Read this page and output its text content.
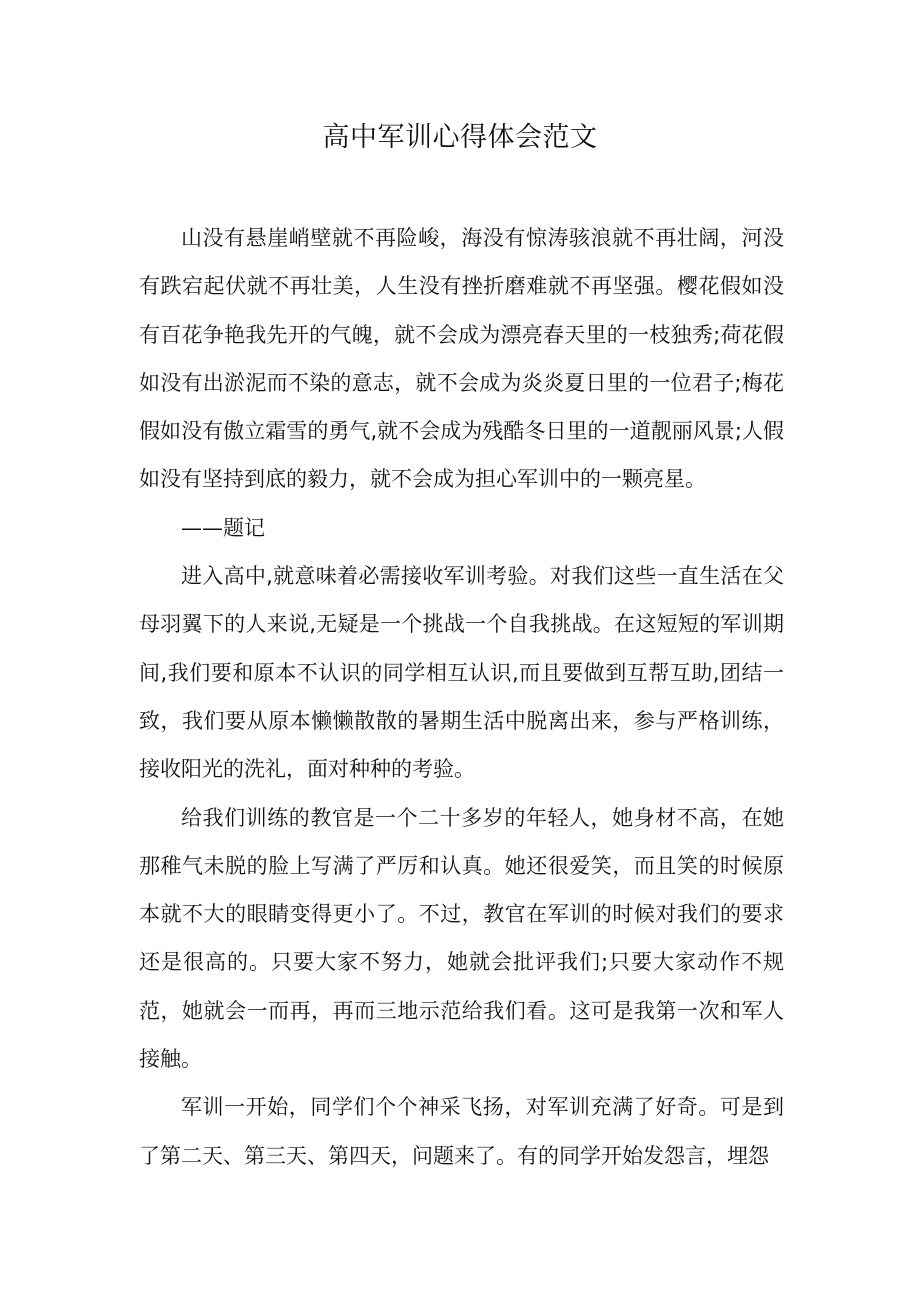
高中军训心得体会范文

山没有悬崖峭壁就不再险峻，海没有惊涛骇浪就不再壮阔，河没有跌宕起伏就不再壮美，人生没有挫折磨难就不再坚强。樱花假如没有百花争艳我先开的气魄，就不会成为漂亮春天里的一枝独秀;荷花假如没有出淤泥而不染的意志，就不会成为炎炎夏日里的一位君子;梅花假如没有傲立霜雪的勇气,就不会成为残酷冬日里的一道靓丽风景;人假如没有坚持到底的毅力，就不会成为担心军训中的一颗亮星。

——题记

进入高中,就意味着必需接收军训考验。对我们这些一直生活在父母羽翼下的人来说,无疑是一个挑战一个自我挑战。在这短短的军训期间,我们要和原本不认识的同学相互认识,而且要做到互帮互助,团结一致，我们要从原本懒懒散散的暑期生活中脱离出来，参与严格训练，接收阳光的洗礼，面对种种的考验。

给我们训练的教官是一个二十多岁的年轻人，她身材不高，在她那稚气未脱的脸上写满了严厉和认真。她还很爱笑，而且笑的时候原本就不大的眼睛变得更小了。不过，教官在军训的时候对我们的要求还是很高的。只要大家不努力，她就会批评我们;只要大家动作不规范，她就会一而再，再而三地示范给我们看。这可是我第一次和军人接触。

军训一开始，同学们个个神采飞扬，对军训充满了好奇。可是到了第二天、第三天、第四天，问题来了。有的同学开始发怨言，埋怨
